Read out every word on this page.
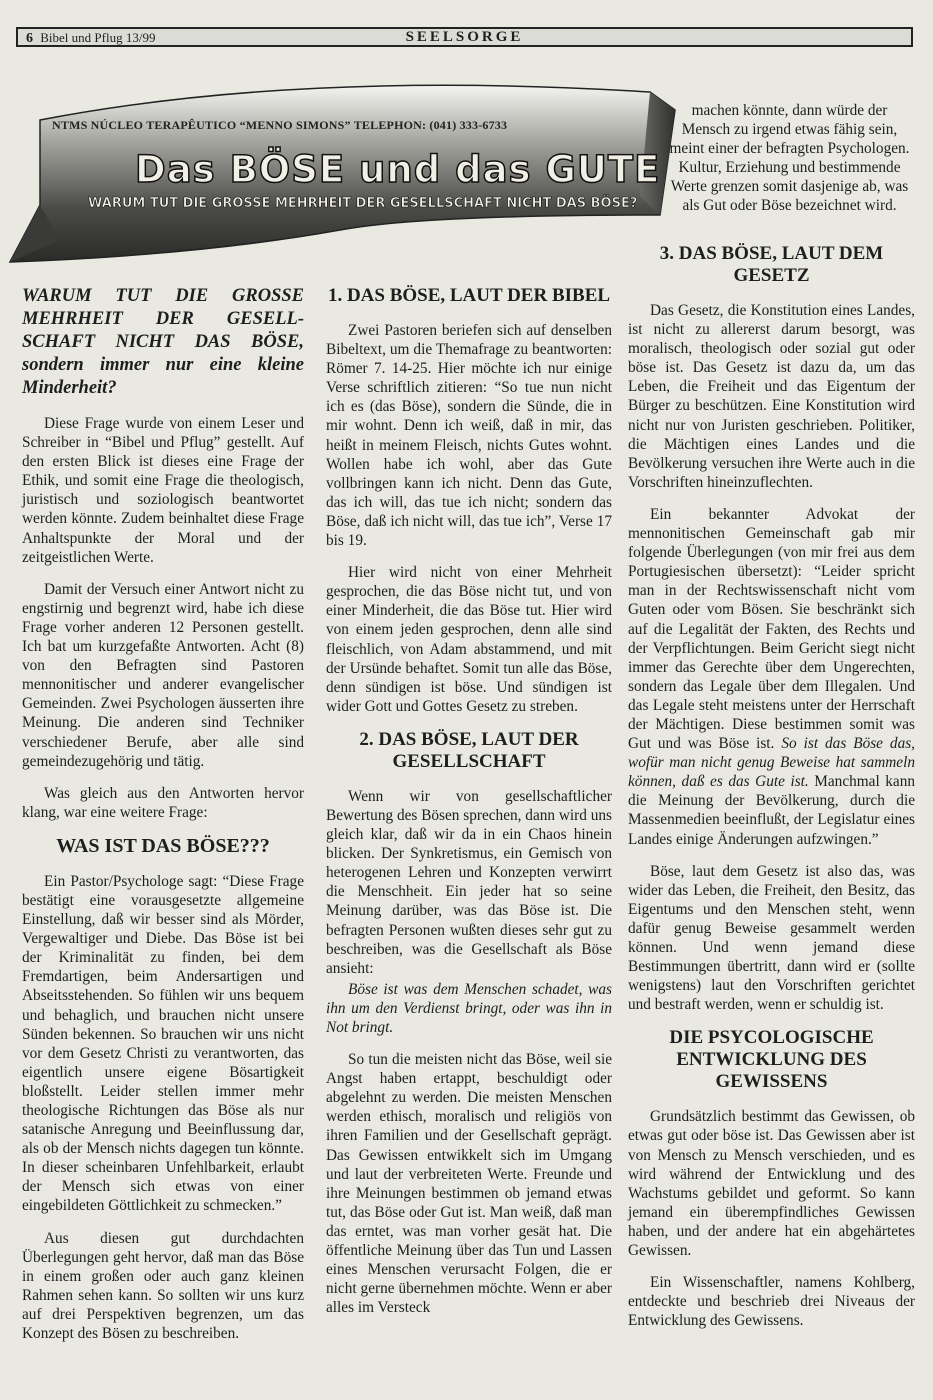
6 Bibel und Pflug 13/99	SEELSORGE
NTMS NÚCLEO TERAPÊUTICO “MENNO SIMONS” TELEPHON: (041) 333-6733
Das BÖSE und das GUTE
WARUM TUT DIE GROSSE MEHRHEIT DER GESELLSCHAFT NICHT DAS BÖSE?
WARUM TUT DIE GROSSE MEHRHEIT DER GESELL-SCHAFT NICHT DAS BÖSE, sondern immer nur eine kleine Minderheit?

Diese Frage wurde von einem Leser und Schreiber in “Bibel und Pflug” gestellt. Auf den ersten Blick ist dieses eine Frage der Ethik, und somit eine Frage die theologisch, juristisch und soziologisch beantwortet werden könnte. Zudem beinhaltet diese Frage Anhaltspunkte der Moral und der zeitgeistlichen Werte.

Damit der Versuch einer Antwort nicht zu engstirnig und begrenzt wird, habe ich diese Frage vorher anderen 12 Personen gestellt. Ich bat um kurzgefaßte Antworten. Acht (8) von den Befragten sind Pastoren mennonitischer und anderer evangelischer Gemeinden. Zwei Psychologen äusserten ihre Meinung. Die anderen sind Techniker verschiedener Berufe, aber alle sind gemeindezugehörig und tätig.

Was gleich aus den Antworten hervor klang, war eine weitere Frage:

WAS IST DAS BÖSE???

Ein Pastor/Psychologe sagt: “Diese Frage bestätigt eine vorausgesetzte allgemeine Einstellung, daß wir besser sind als Mörder, Vergewaltiger und Diebe. Das Böse ist bei der Kriminalität zu finden, bei dem Fremdartigen, beim Andersartigen und Abseitsstehenden. So fühlen wir uns bequem und behaglich, und brauchen nicht unsere Sünden bekennen. So brauchen wir uns nicht vor dem Gesetz Christi zu verantworten, das eigentlich unsere eigene Bösartigkeit bloßstellt. Leider stellen immer mehr theologische Richtungen das Böse als nur satanische Anregung und Beeinflussung dar, als ob der Mensch nichts dagegen tun könnte. In dieser scheinbaren Unfehlbarkeit, erlaubt der Mensch sich etwas von einer eingebildeten Göttlichkeit zu schmecken.”

Aus diesen gut durchdachten Überlegungen geht hervor, daß man das Böse in einem großen oder auch ganz kleinen Rahmen sehen kann. So sollten wir uns kurz auf drei Perspektiven begrenzen, um das Konzept des Bösen zu beschreiben.

1. DAS BÖSE, LAUT DER BIBEL

Zwei Pastoren beriefen sich auf denselben Bibeltext, um die Themafrage zu beantworten: Römer 7. 14-25. Hier möchte ich nur einige Verse schriftlich zitieren: “So tue nun nicht ich es (das Böse), sondern die Sünde, die in mir wohnt. Denn ich weiß, daß in mir, das heißt in meinem Fleisch, nichts Gutes wohnt. Wollen habe ich wohl, aber das Gute vollbringen kann ich nicht. Denn das Gute, das ich will, das tue ich nicht; sondern das Böse, daß ich nicht will, das tue ich”, Verse 17 bis 19.

Hier wird nicht von einer Mehrheit gesprochen, die das Böse nicht tut, und von einer Minderheit, die das Böse tut. Hier wird von einem jeden gesprochen, denn alle sind fleischlich, von Adam abstammend, und mit der Ursünde behaftet. Somit tun alle das Böse, denn sündigen ist böse. Und sündigen ist wider Gott und Gottes Gesetz zu streben.

2. DAS BÖSE, LAUT DER GESELLSCHAFT

Wenn wir von gesellschaftlicher Bewertung des Bösen sprechen, dann wird uns gleich klar, daß wir da in ein Chaos hinein blicken. Der Synkretismus, ein Gemisch von heterogenen Lehren und Konzepten verwirrt die Menschheit. Ein jeder hat so seine Meinung darüber, was das Böse ist. Die befragten Personen wußten dieses sehr gut zu beschreiben, was die Gesellschaft als Böse ansieht:

Böse ist was dem Menschen schadet, was ihn um den Verdienst bringt, oder was ihn in Not bringt.

So tun die meisten nicht das Böse, weil sie Angst haben ertappt, beschuldigt oder abgelehnt zu werden. Die meisten Menschen werden ethisch, moralisch und religiös von ihren Familien und der Gesellschaft geprägt. Das Gewissen entwikkelt sich im Umgang und laut der verbreiteten Werte. Freunde und ihre Meinungen bestimmen ob jemand etwas tut, das Böse oder Gut ist. Man weiß, daß man das erntet, was man vorher gesät hat. Die öffentliche Meinung über das Tun und Lassen eines Menschen verursacht Folgen, die er nicht gerne übernehmen möchte. Wenn er aber alles im Versteck

machen könnte, dann würde der Mensch zu irgend etwas fähig sein, meint einer der befragten Psychologen. Kultur, Erziehung und bestimmende Werte grenzen somit dasjenige ab, was als Gut oder Böse bezeichnet wird.
3. DAS BÖSE, LAUT DEM GESETZ

Das Gesetz, die Konstitution eines Landes, ist nicht zu allererst darum besorgt, was moralisch, theologisch oder sozial gut oder böse ist. Das Gesetz ist dazu da, um das Leben, die Freiheit und das Eigentum der Bürger zu beschützen. Eine Konstitution wird nicht nur von Juristen geschrieben. Politiker, die Mächtigen eines Landes und die Bevölkerung versuchen ihre Werte auch in die Vorschriften hineinzuflechten.

Ein bekannter Advokat der mennonitischen Gemeinschaft gab mir folgende Überlegungen (von mir frei aus dem Portugiesischen übersetzt): “Leider spricht man in der Rechtswissenschaft nicht vom Guten oder vom Bösen. Sie beschränkt sich auf die Legalität der Fakten, des Rechts und der Verpflichtungen. Beim Gericht siegt nicht immer das Gerechte über dem Ungerechten, sondern das Legale über dem Illegalen. Und das Legale steht meistens unter der Herrschaft der Mächtigen. Diese bestimmen somit was Gut und was Böse ist. So ist das Böse das, wofür man nicht genug Beweise hat sammeln können, daß es das Gute ist. Manchmal kann die Meinung der Bevölkerung, durch die Massenmedien beeinflußt, der Legislatur eines Landes einige Änderungen aufzwingen.”

Böse, laut dem Gesetz ist also das, was wider das Leben, die Freiheit, den Besitz, das Eigentums und den Menschen steht, wenn dafür genug Beweise gesammelt werden können. Und wenn jemand diese Bestimmungen übertritt, dann wird er (sollte wenigstens) laut den Vorschriften gerichtet und bestraft werden, wenn er schuldig ist.

DIE PSYCOLOGISCHE ENTWICKLUNG DES GEWISSENS

Grundsätzlich bestimmt das Gewissen, ob etwas gut oder böse ist. Das Gewissen aber ist von Mensch zu Mensch verschieden, und es wird während der Entwicklung und des Wachstums gebildet und geformt. So kann jemand ein überempfindliches Gewissen haben, und der andere hat ein abgehärtetes Gewissen.

Ein Wissenschaftler, namens Kohlberg, entdeckte und beschrieb drei Niveaus der Entwicklung des Gewissens.
